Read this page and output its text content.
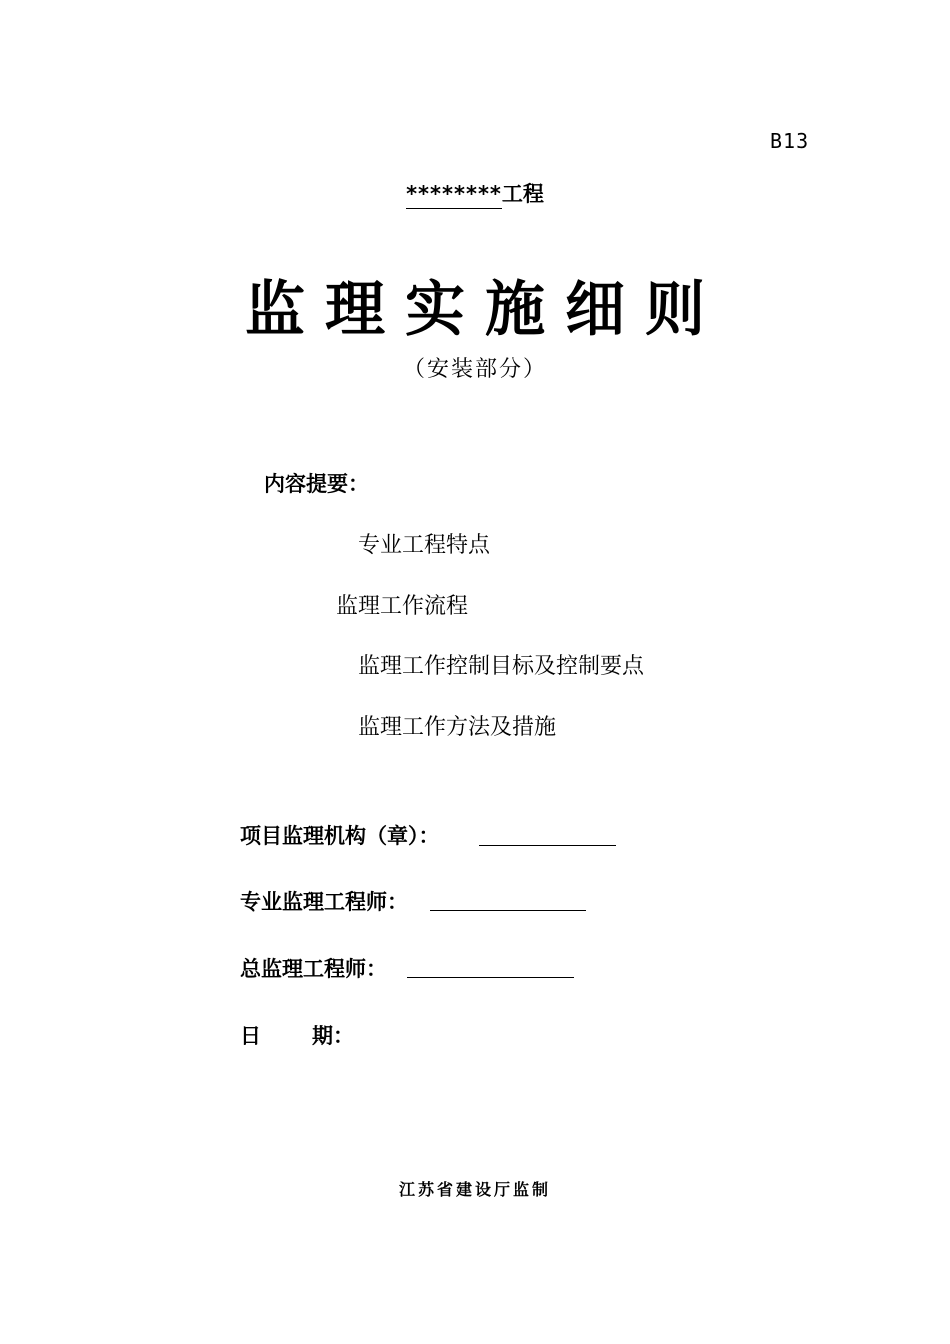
B13
********工程
监理实施细则
（安装部分）
内容提要：
专业工程特点
监理工作流程
监理工作控制目标及控制要点
监理工作方法及措施
项目监理机构（章）：
专业监理工程师：
总监理工程师：
日 期：
江苏省建设厅监制
